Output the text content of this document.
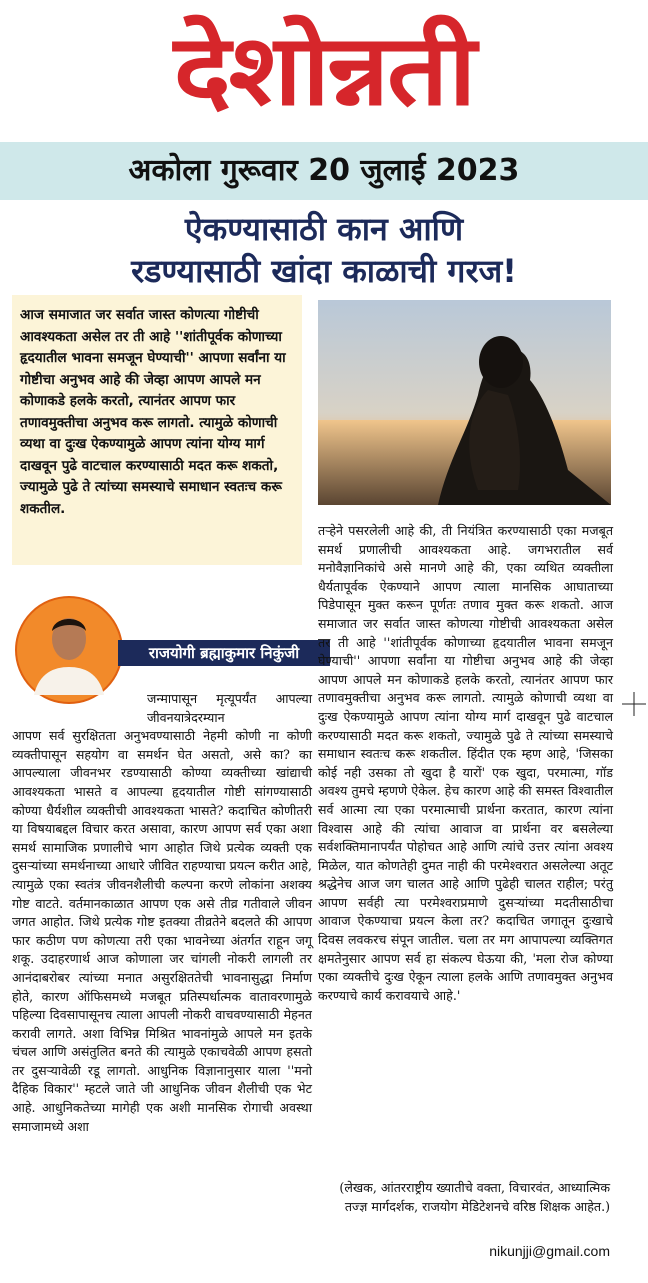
देशोन्नती
अकोला गुरूवार 20 जुलाई 2023
ऐकण्यासाठी कान आणि
रडण्यासाठी खांदा काळाची गरज!
आज समाजात जर सर्वात जास्त कोणत्या गोष्टीची आवश्यकता असेल तर ती आहे ''शांतीपूर्वक कोणाच्या हृदयातील भावना समजून घेण्याची'' आपणा सर्वांना या गोष्टीचा अनुभव आहे की जेव्हा आपण आपले मन कोणाकडे हलके करतो, त्यानंतर आपण फार तणावमुक्तीचा अनुभव करू लागतो. त्यामुळे कोणाची व्यथा वा दुःख ऐकण्यामुळे आपण त्यांना योग्य मार्ग दाखवून पुढे वाटचाल करण्यासाठी मदत करू शकतो, ज्यामुळे पुढे ते त्यांच्या समस्याचे समाधान स्वतःच करू शकतील.
राजयोगी ब्रह्माकुमार निकुंजी
जन्मापासून मृत्यूपर्यंत आपल्या जीवनयात्रेदरम्यान
आपण सर्व सुरक्षितता अनुभवण्यासाठी नेहमी कोणी ना कोणी व्यक्तीपासून सहयोग वा समर्थन घेत असतो, असे का? का आपल्याला जीवनभर रडण्यासाठी कोण्या व्यक्तीच्या खांद्याची आवश्यकता भासते व आपल्या हृदयातील गोष्टी सांगण्यासाठी कोण्या धैर्यशील व्यक्तीची आवश्यकता भासते? कदाचित कोणीतरी या विषयाबद्दल विचार करत असावा, कारण आपण सर्व एका अशा समर्थ सामाजिक प्रणालीचे भाग आहोत जिथे प्रत्येक व्यक्ती एक दुसऱ्यांच्या समर्थनाच्या आधारे जीवित राहण्याचा प्रयत्न करीत आहे, त्यामुळे एका स्वतंत्र जीवनशैलीची कल्पना करणे लोकांना अशक्य गोष्ट वाटते. वर्तमानकाळात आपण एक असे तीव्र गतीवाले जीवन जगत आहोत. जिथे प्रत्येक गोष्ट इतक्या तीव्रतेने बदलते की आपण फार कठीण पण कोणत्या तरी एका भावनेच्या अंतर्गत राहून जगू शकू. उदाहरणार्थ आज कोणाला जर चांगली नोकरी लागली तर आनंदाबरोबर त्यांच्या मनात असुरक्षिततेची भावनासुद्धा निर्माण होते, कारण ऑफिसमध्ये मजबूत प्रतिस्पर्धात्मक वातावरणामुळे पहिल्या दिवसापासूनच त्याला आपली नोकरी वाचवण्यासाठी मेहनत करावी लागते. अशा विभिन्न मिश्रित भावनांमुळे आपले मन इतके चंचल आणि असंतुलित बनते की त्यामुळे एकाचवेळी आपण हसतो तर दुसऱ्यावेळी रडू लागतो. आधुनिक विज्ञानानुसार याला ''मनो दैहिक विकार'' म्हटले जाते जी आधुनिक जीवन शैलीची एक भेट आहे. आधुनिकतेच्या मागेही एक अशी मानसिक रोगाची अवस्था समाजामध्ये अशा
तऱ्हेने पसरलेली आहे की, ती नियंत्रित करण्यासाठी एका मजबूत समर्थ प्रणालीची आवश्यकता आहे. जगभरातील सर्व मनोवैज्ञानिकांचे असे मानणे आहे की, एका व्यथित व्यक्तीला धैर्यतापूर्वक ऐकण्याने आपण त्याला मानसिक आघाताच्या पिडेपासून मुक्त करून पूर्णतः तणाव मुक्त करू शकतो. आज समाजात जर सर्वात जास्त कोणत्या गोष्टीची आवश्यकता असेल तर ती आहे ''शांतीपूर्वक कोणाच्या हृदयातील भावना समजून घेण्याची'' आपणा सर्वांना या गोष्टीचा अनुभव आहे की जेव्हा आपण आपले मन कोणाकडे हलके करतो, त्यानंतर आपण फार तणावमुक्तीचा अनुभव करू लागतो. त्यामुळे कोणाची व्यथा वा दुःख ऐकण्यामुळे आपण त्यांना योग्य मार्ग दाखवून पुढे वाटचाल करण्यासाठी मदत करू शकतो, ज्यामुळे पुढे ते त्यांच्या समस्याचे समाधान स्वतःच करू शकतील. हिंदीत एक म्हण आहे, 'जिसका कोई नही उसका तो खुदा है यारों' एक खुदा, परमात्मा, गॉड अवश्य तुमचे म्हणणे ऐकेल. हेच कारण आहे की समस्त विश्वातील सर्व आत्मा त्या एका परमात्माची प्रार्थना करतात, कारण त्यांना विश्वास आहे की त्यांचा आवाज वा प्रार्थना वर बसलेल्या सर्वशक्तिमानापर्यंत पोहोचत आहे आणि त्यांचे उत्तर त्यांना अवश्य मिळेल, यात कोणतेही दुमत नाही की परमेश्वरात असलेल्या अतूट श्रद्धेनेच आज जग चालत आहे आणि पुढेही चालत राहील; परंतु आपण सर्वही त्या परमेश्वराप्रमाणे दुसऱ्यांच्या मदतीसाठीचा आवाज ऐकण्याचा प्रयत्न केला तर? कदाचित जगातून दुःखाचे दिवस लवकरच संपून जातील. चला तर मग आपापल्या व्यक्तिगत क्षमतेनुसार आपण सर्व हा संकल्प घेऊया की, 'मला रोज कोण्या एका व्यक्तीचे दुःख ऐकून त्याला हलके आणि तणावमुक्त अनुभव करण्याचे कार्य करावयाचे आहे.'
(लेखक, आंतरराष्ट्रीय ख्यातीचे वक्ता, विचारवंत, आध्यात्मिक तज्ज्ञ मार्गदर्शक, राजयोग मेडिटेशनचे वरिष्ठ शिक्षक आहेत.)
nikunjji@gmail.com
